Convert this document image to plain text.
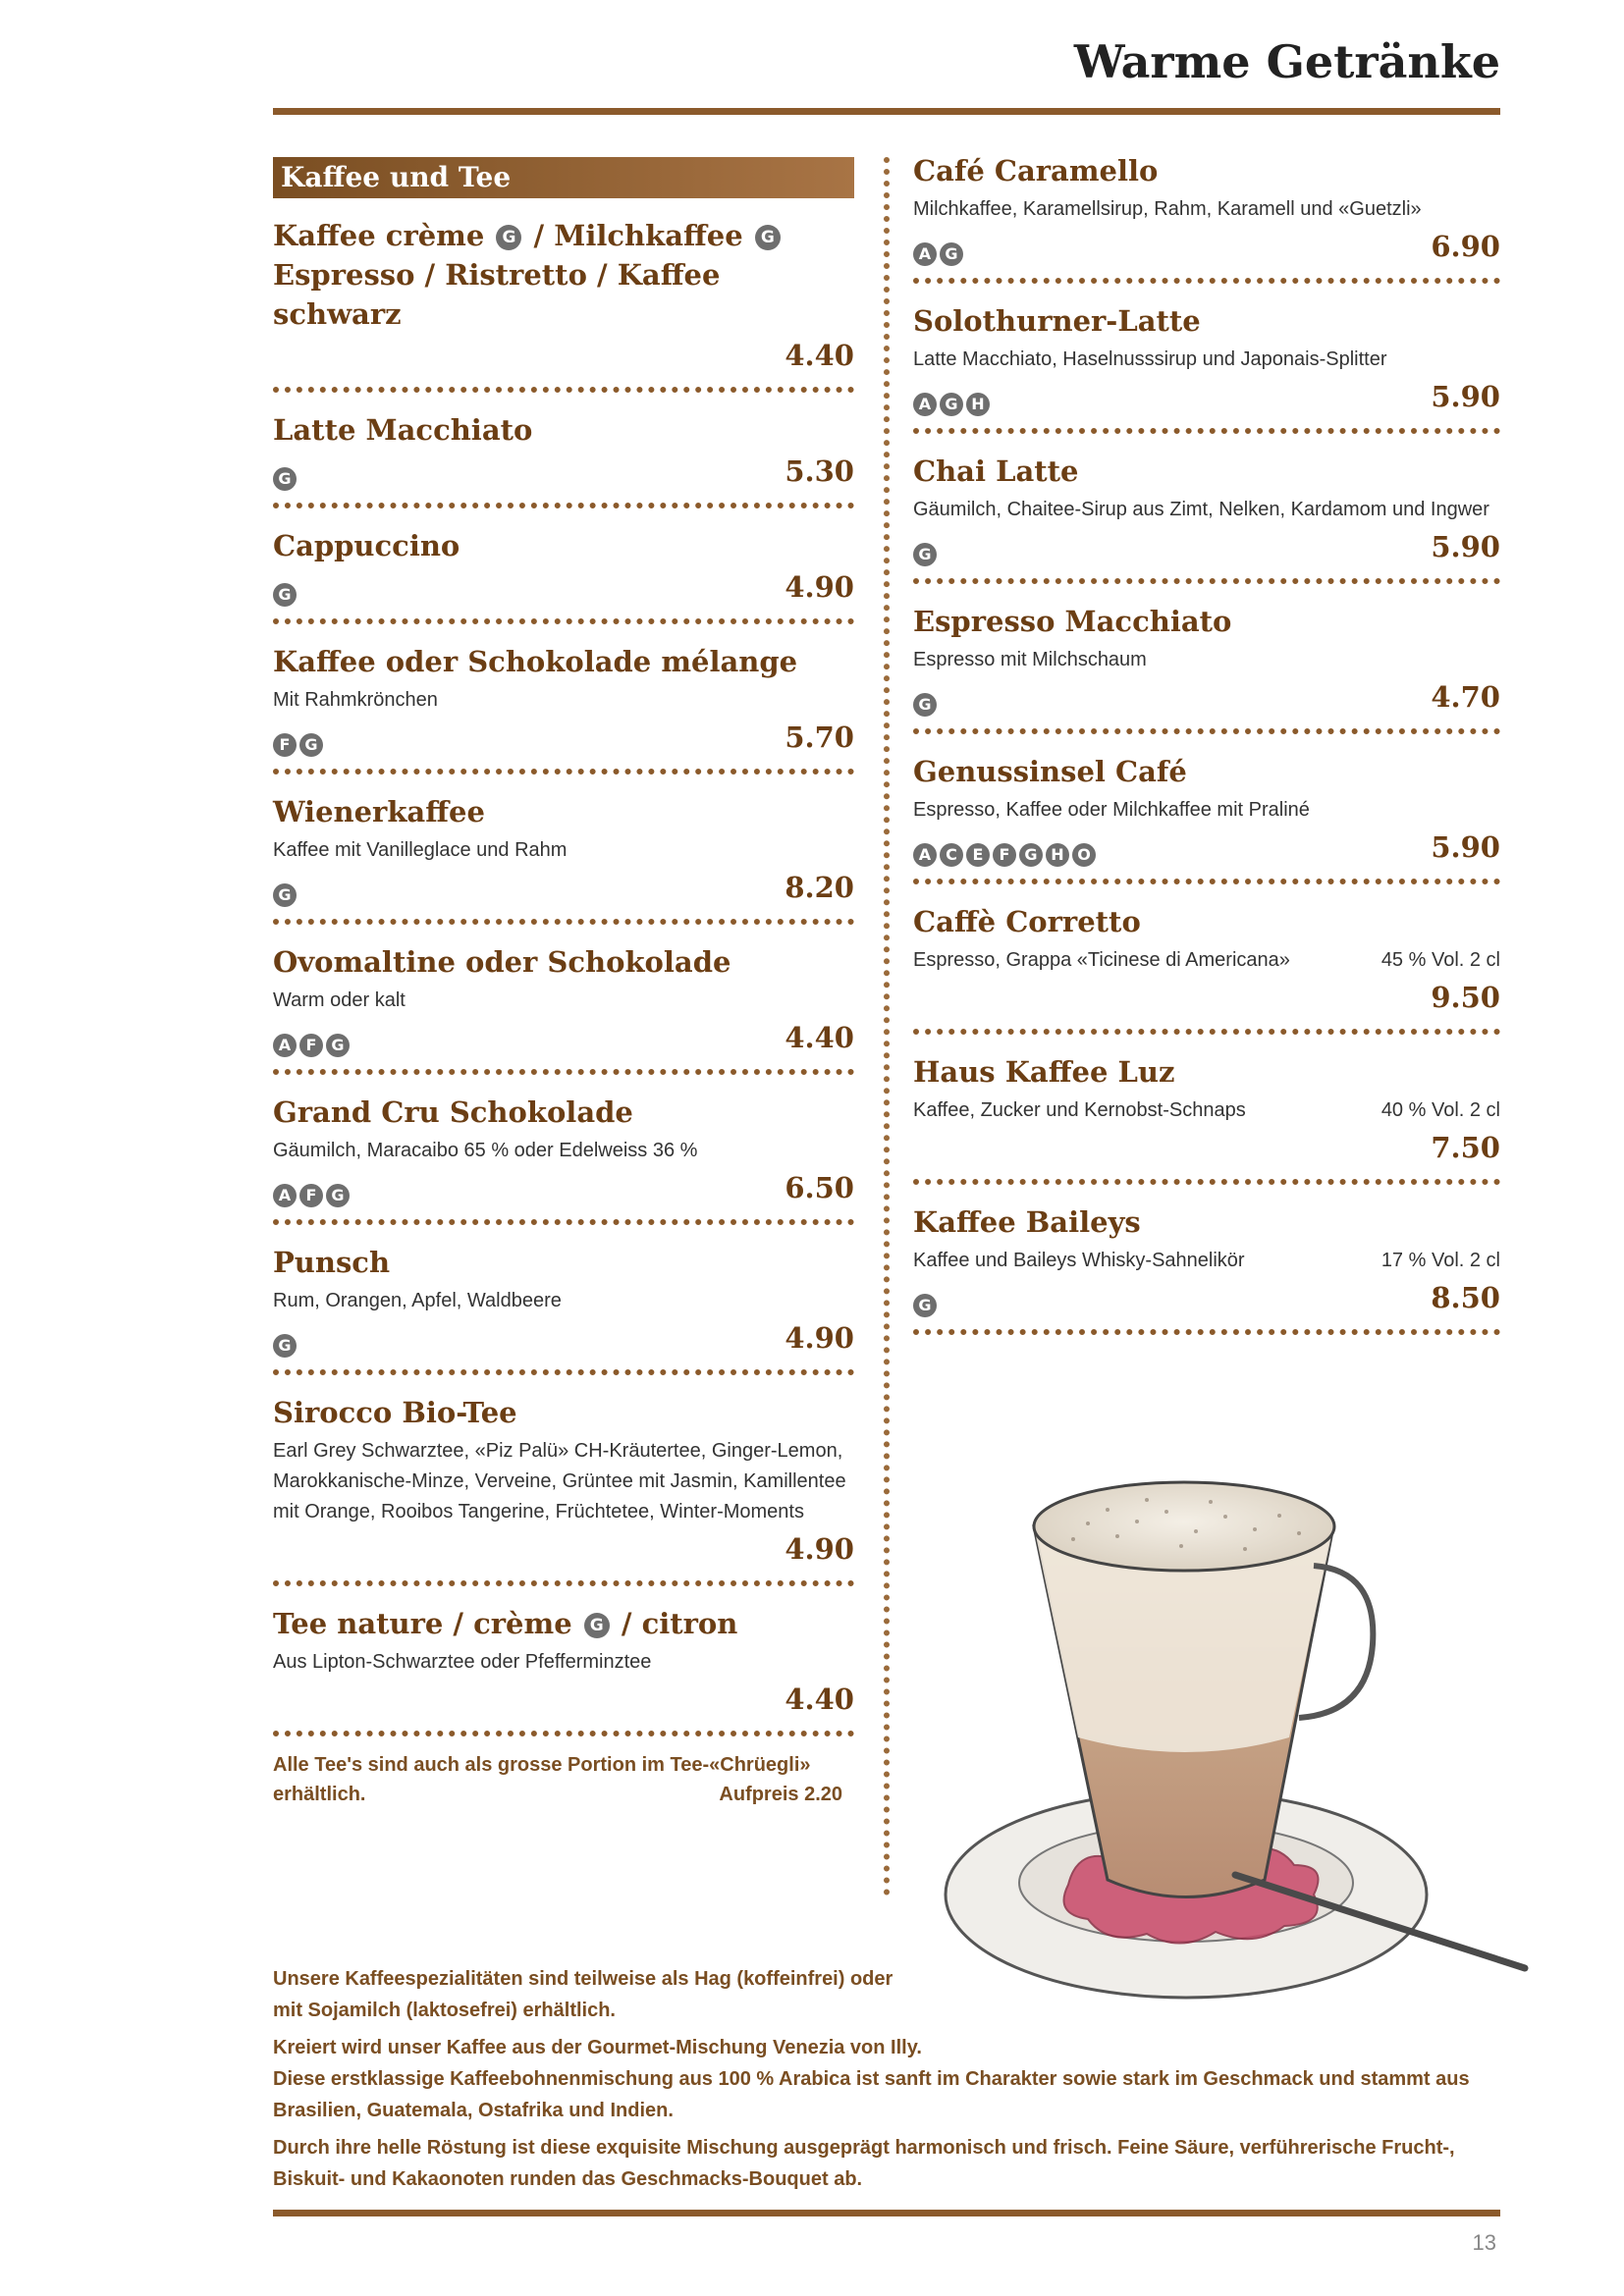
Warme Getränke
Kaffee und Tee
Kaffee crème G / Milchkaffee G
Espresso / Ristretto / Kaffee schwarz
4.40
Latte Macchiato
G	5.30
Cappuccino
G	4.90
Kaffee oder Schokolade mélange
Mit Rahmkrönchen
F G	5.70
Wienerkaffee
Kaffee mit Vanilleglace und Rahm
G	8.20
Ovomaltine oder Schokolade
Warm oder kalt
A F G	4.40
Grand Cru Schokolade
Gäumilch, Maracaibo 65 % oder Edelweiss 36 %
A F G	6.50
Punsch
Rum, Orangen, Apfel, Waldbeere
G	4.90
Sirocco Bio-Tee
Earl Grey Schwarztee, «Piz Palü» CH-Kräutertee, Ginger-Lemon, Marokkanische-Minze, Verveine, Grüntee mit Jasmin, Kamillentee mit Orange, Rooibos Tangerine, Früchtetee, Winter-Moments
4.90
Tee nature / crème G / citron
Aus Lipton-Schwarztee oder Pfefferminztee
4.40
Alle Tee's sind auch als grosse Portion im Tee-«Chrüegli»
erhältlich.	Aufpreis 2.20
Café Caramello
Milchkaffee, Karamellsirup, Rahm, Karamell und «Guetzli»
A G	6.90
Solothurner-Latte
Latte Macchiato, Haselnusssirup und Japonais-Splitter
A G H	5.90
Chai Latte
Gäumilch, Chaitee-Sirup aus Zimt, Nelken, Kardamom und Ingwer
G	5.90
Espresso Macchiato
Espresso mit Milchschaum
G	4.70
Genussinsel Café
Espresso, Kaffee oder Milchkaffee mit Praliné
A C E	F G H O	5.90
Caffè Corretto
Espresso, Grappa «Ticinese di Americana»	45 % Vol. 2 cl
9.50
Haus Kaffee Luz
Kaffee, Zucker und Kernobst-Schnaps	40 % Vol. 2 cl
7.50
Kaffee Baileys
Kaffee und Baileys Whisky-Sahnelikör	17 % Vol. 2 cl
G	8.50

Unsere Kaffeespezialitäten sind teilweise als Hag (koffeinfrei) oder mit Sojamilch (laktosefrei) erhältlich.

Kreiert wird unser Kaffee aus der Gourmet-Mischung Venezia von Illy.
Diese erstklassige Kaffeebohnenmischung aus 100 % Arabica ist sanft im Charakter sowie stark im Geschmack und stammt aus Brasilien, Guatemala, Ostafrika und Indien.

Durch ihre helle Röstung ist diese exquisite Mischung ausgeprägt harmonisch und frisch. Feine Säure, verführerische Frucht-, Biskuit- und Kakaonoten runden das Geschmacks-Bouquet ab.

13
